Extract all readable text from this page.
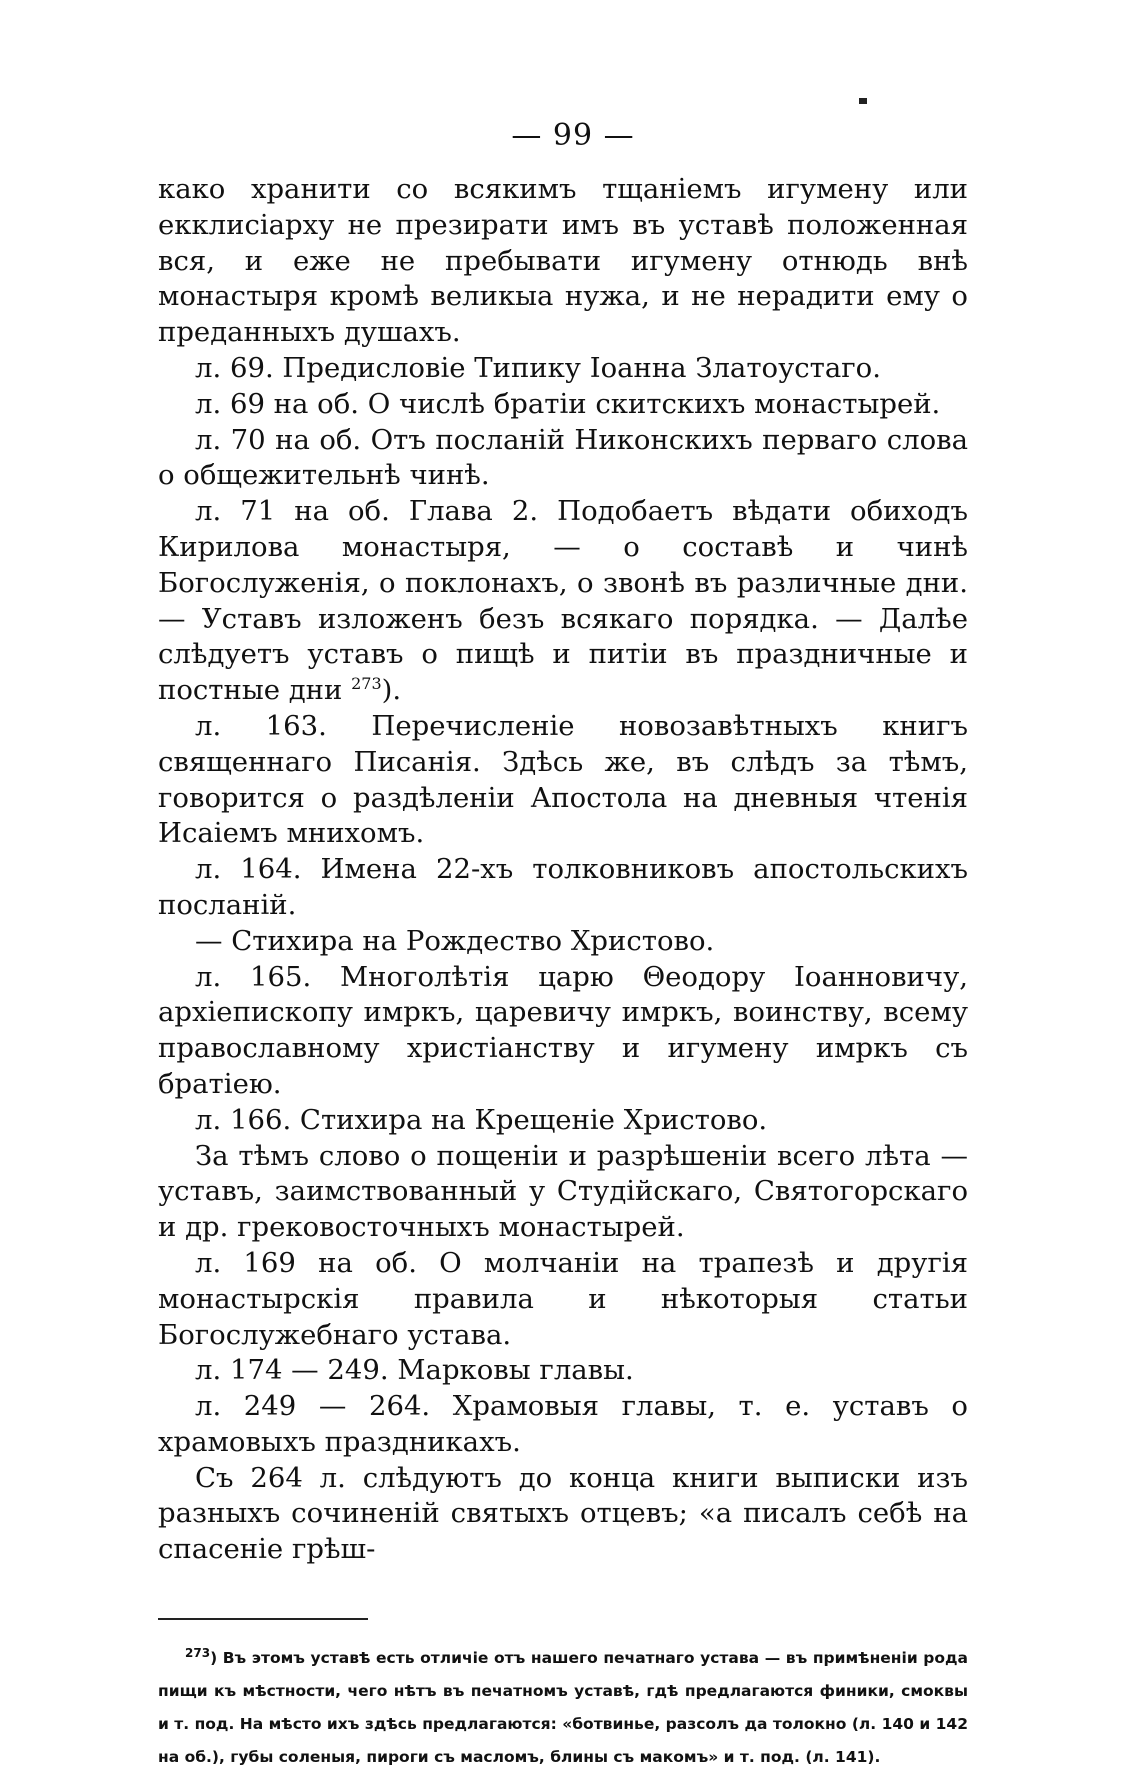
— 99 —

како хранити со всякимъ тщаніемъ игумену или екклисіарху не презирати имъ въ уставѣ положенная вся, и еже не пребывати игумену отнюдь внѣ монастыря кромѣ великыа нужа, и не нерадити ему о преданныхъ душахъ.

л. 69. Предисловіе Типику Іоанна Златоустаго.

л. 69 на об. О числѣ братіи скитскихъ монастырей.

л. 70 на об. Отъ посланій Никонскихъ перваго слова о общежительнѣ чинѣ.

л. 71 на об. Глава 2. Подобаетъ вѣдати обиходъ Кирилова монастыря, — о составѣ и чинѣ Богослуженія, о поклонахъ, о звонѣ въ различные дни. — Уставъ изложенъ безъ всякаго порядка. — Далѣе слѣдуетъ уставъ о пищѣ и питіи въ праздничные и постные дни $^{273}$).

л. 163. Перечисленіе новозавѣтныхъ книгъ священнаго Писанія. Здѣсь же, въ слѣдъ за тѣмъ, говорится о раздѣленіи Апостола на дневныя чтенія Исаіемъ мнихомъ.

л. 164. Имена 22-хъ толковниковъ апостольскихъ посланій.

— Стихира на Рождество Христово.

л. 165. Многолѣтія царю Θеодору Іоанновичу, архіепископу имркъ, царевичу имркъ, воинству, всему православному христіанству и игумену имркъ съ братіею.

л. 166. Стихира на Крещеніе Христово.

За тѣмъ слово о пощеніи и разрѣшеніи всего лѣта — уставъ, заимствованный у Студійскаго, Святогорскаго и др. грековосточныхъ монастырей.

л. 169 на об. О молчаніи на трапезѣ и другія монастырскія правила и нѣкоторыя статьи Богослужебнаго устава.

л. 174 — 249. Марковы главы.

л. 249 — 264. Храмовыя главы, т. е. уставъ о храмовыхъ праздникахъ.

Съ 264 л. слѣдуютъ до конца книги выписки изъ разныхъ сочиненій святыхъ отцевъ; «а писалъ себѣ на спасеніе грѣш-

$^{273}$) Въ этомъ уставѣ есть отличіе отъ нашего печатнаго устава — въ примѣненіи рода пищи къ мѣстности, чего нѣтъ въ печатномъ уставѣ, гдѣ предлагаются финики, смоквы и т. под. На мѣсто ихъ здѣсь предлагаются: «ботвинье, разсолъ да толокно (л. 140 и 142 на об.), губы соленыя, пироги съ масломъ, блины съ макомъ» и т. под. (л. 141).
